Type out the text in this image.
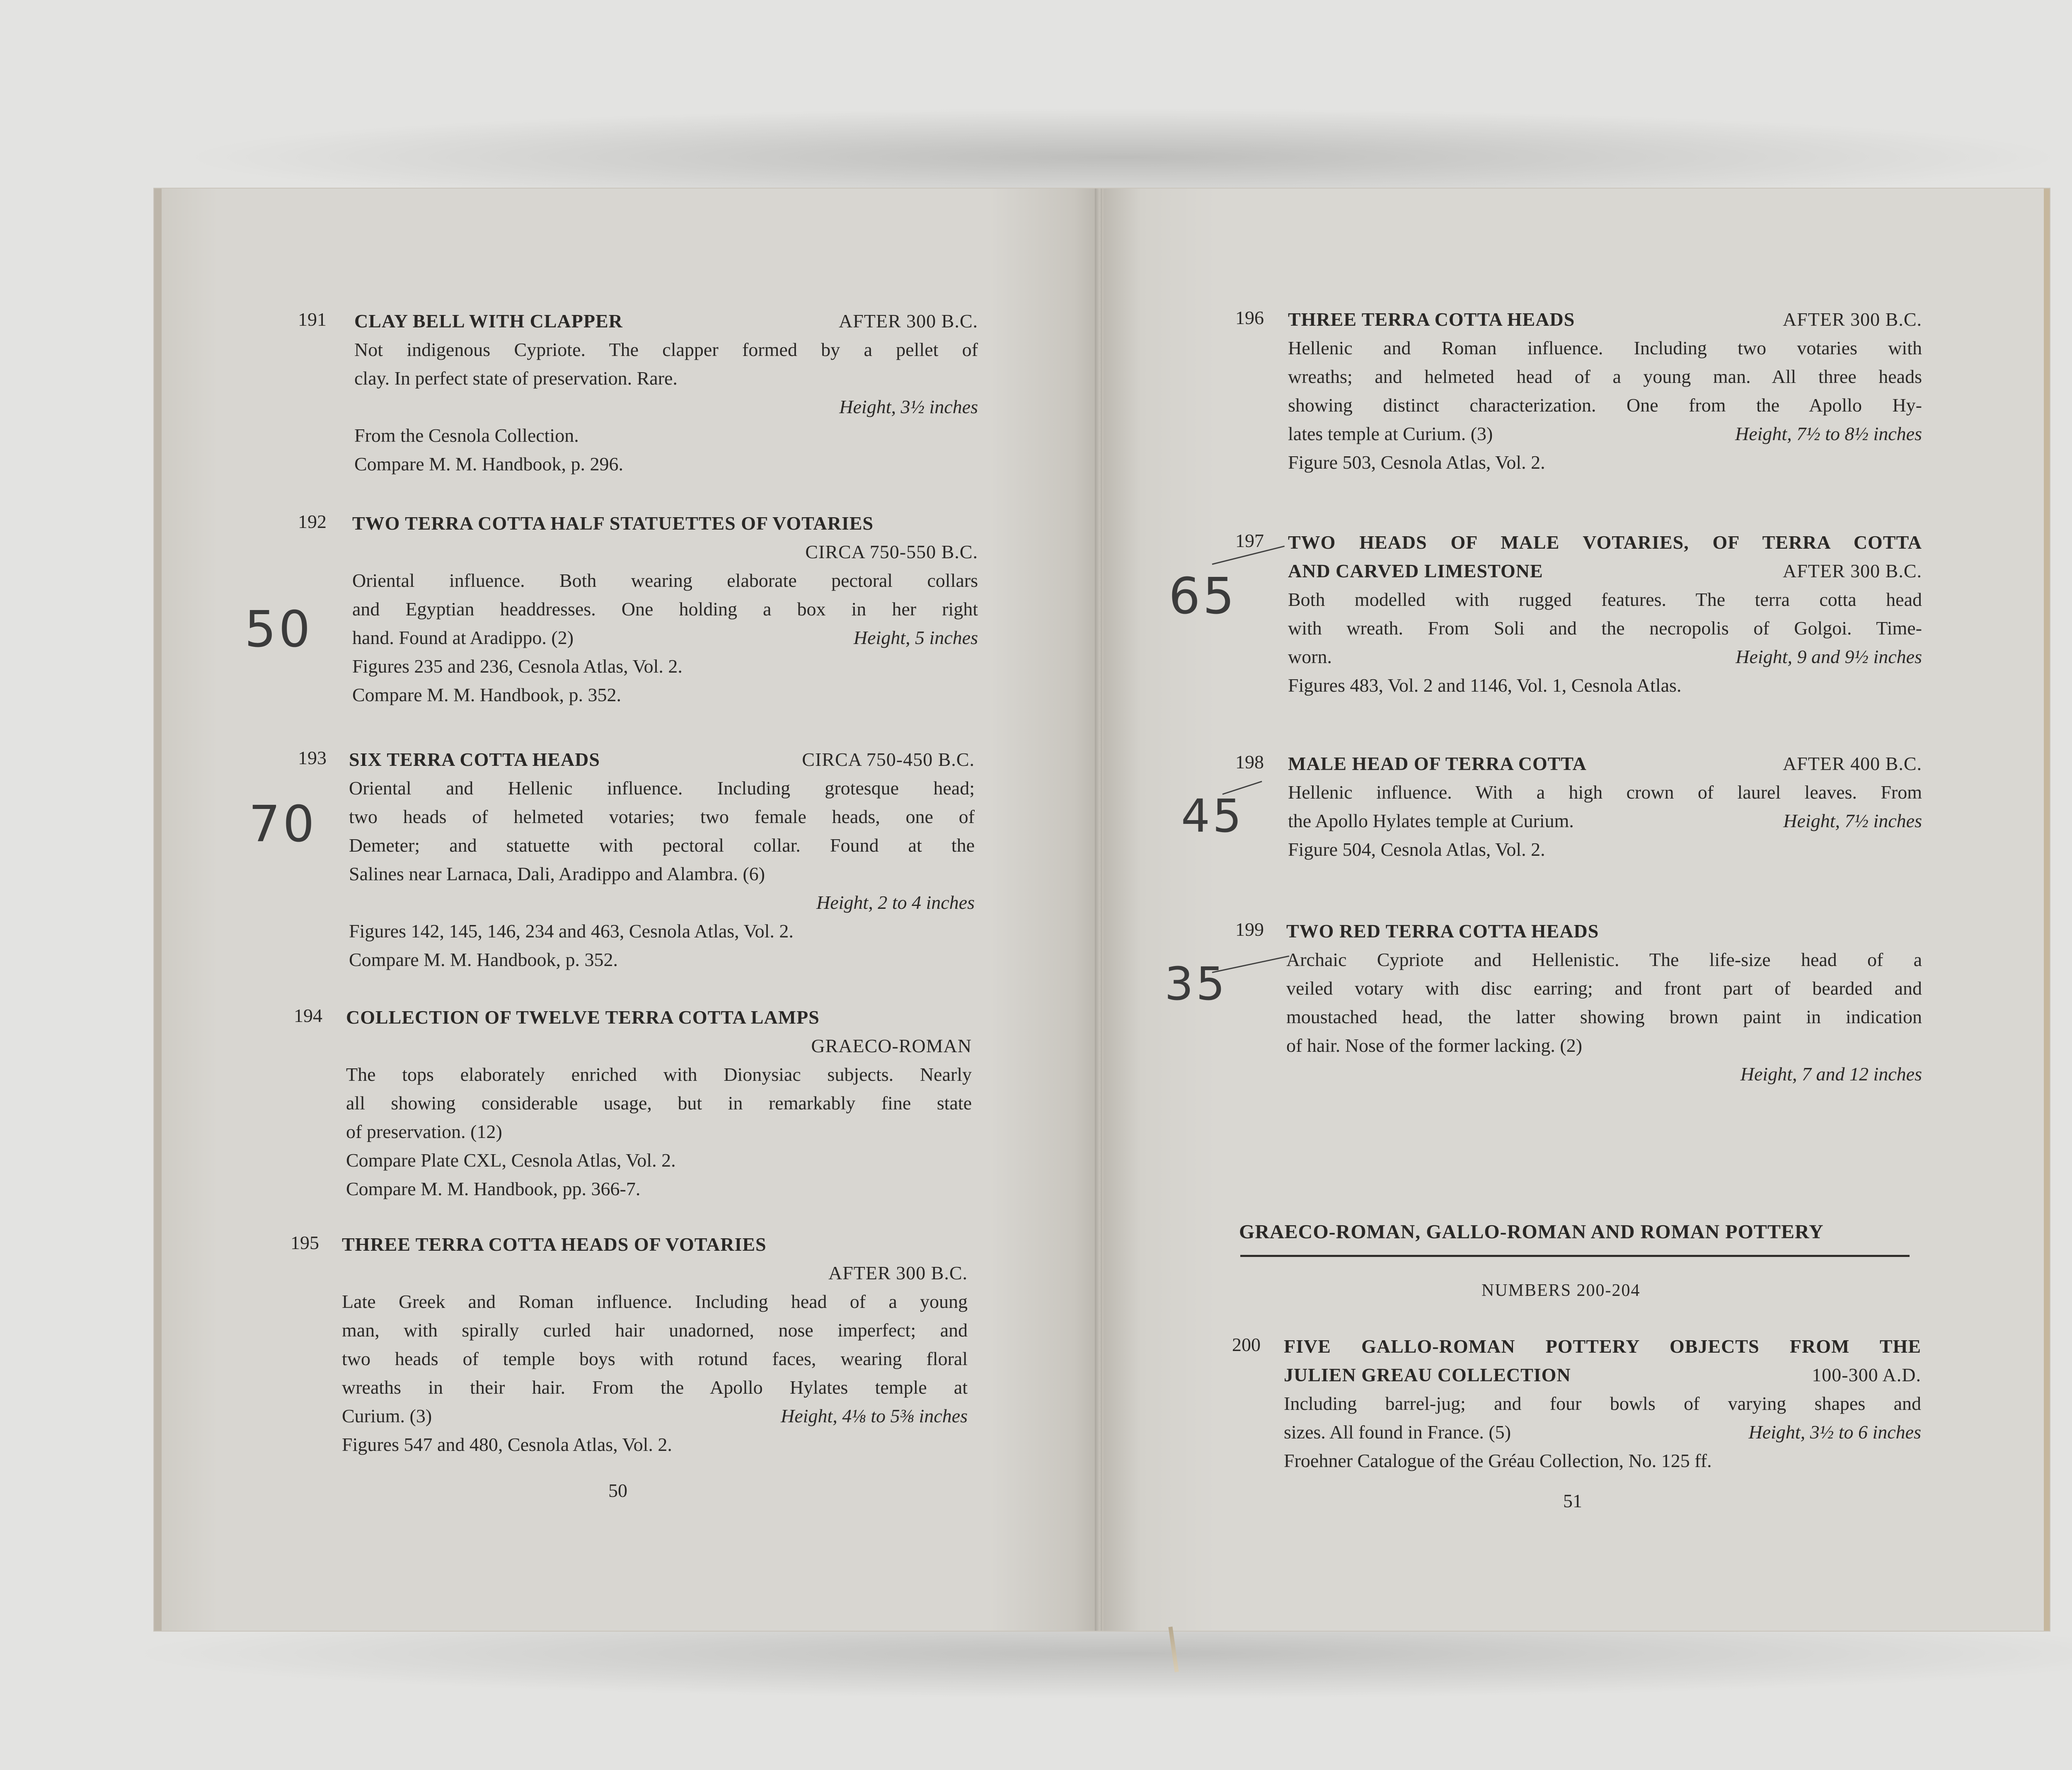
191 CLAY BELL WITH CLAPPER	AFTER 300 B.C.
Not indigenous Cypriote. The clapper formed by a pellet of
clay. In perfect state of preservation. Rare.
Height, 3½ inches
From the Cesnola Collection.
Compare M. M. Handbook, p. 296.
192 TWO TERRA COTTA HALF STATUETTES OF VOTARIES
CIRCA 750-550 B.C.
Oriental influence. Both wearing elaborate pectoral collars
and Egyptian headdresses. One holding a box in her right
hand. Found at Aradippo. (2)	Height, 5 inches
Figures 235 and 236, Cesnola Atlas, Vol. 2.
Compare M. M. Handbook, p. 352.
50
193 SIX TERRA COTTA HEADS	CIRCA 750-450 B.C.
Oriental and Hellenic influence. Including grotesque head;
two heads of helmeted votaries; two female heads, one of
Demeter; and statuette with pectoral collar. Found at the
Salines near Larnaca, Dali, Aradippo and Alambra. (6)
Height, 2 to 4 inches
Figures 142, 145, 146, 234 and 463, Cesnola Atlas, Vol. 2.
Compare M. M. Handbook, p. 352.
70
194 COLLECTION OF TWELVE TERRA COTTA LAMPS
GRAECO-ROMAN
The tops elaborately enriched with Dionysiac subjects. Nearly
all showing considerable usage, but in remarkably fine state
of preservation. (12)
Compare Plate CXL, Cesnola Atlas, Vol. 2.
Compare M. M. Handbook, pp. 366-7.
195 THREE TERRA COTTA HEADS OF VOTARIES
AFTER 300 B.C.
Late Greek and Roman influence. Including head of a young
man, with spirally curled hair unadorned, nose imperfect; and
two heads of temple boys with rotund faces, wearing floral
wreaths in their hair. From the Apollo Hylates temple at
Curium. (3)	Height, 4⅛ to 5⅜ inches
Figures 547 and 480, Cesnola Atlas, Vol. 2.
50
196 THREE TERRA COTTA HEADS	AFTER 300 B.C.
Hellenic and Roman influence. Including two votaries with
wreaths; and helmeted head of a young man. All three heads
showing distinct characterization. One from the Apollo Hy-
lates temple at Curium. (3)	Height, 7½ to 8½ inches
Figure 503, Cesnola Atlas, Vol. 2.
197 TWO HEADS OF MALE VOTARIES, OF TERRA COTTA
AND CARVED LIMESTONE	AFTER 300 B.C.
Both modelled with rugged features. The terra cotta head
with wreath. From Soli and the necropolis of Golgoi. Time-
worn.	Height, 9 and 9½ inches
Figures 483, Vol. 2 and 1146, Vol. 1, Cesnola Atlas.
65
198 MALE HEAD OF TERRA COTTA	AFTER 400 B.C.
Hellenic influence. With a high crown of laurel leaves. From
the Apollo Hylates temple at Curium.	Height, 7½ inches
Figure 504, Cesnola Atlas, Vol. 2.
45
199 TWO RED TERRA COTTA HEADS
Archaic Cypriote and Hellenistic. The life-size head of a
veiled votary with disc earring; and front part of bearded and
moustached head, the latter showing brown paint in indication
of hair. Nose of the former lacking. (2)
Height, 7 and 12 inches
35
GRAECO-ROMAN, GALLO-ROMAN AND ROMAN POTTERY
NUMBERS 200-204
200 FIVE GALLO-ROMAN POTTERY OBJECTS FROM THE
JULIEN GREAU COLLECTION	100-300 A.D.
Including barrel-jug; and four bowls of varying shapes and
sizes. All found in France. (5)	Height, 3½ to 6 inches
Froehner Catalogue of the Gréau Collection, No. 125 ff.
51
